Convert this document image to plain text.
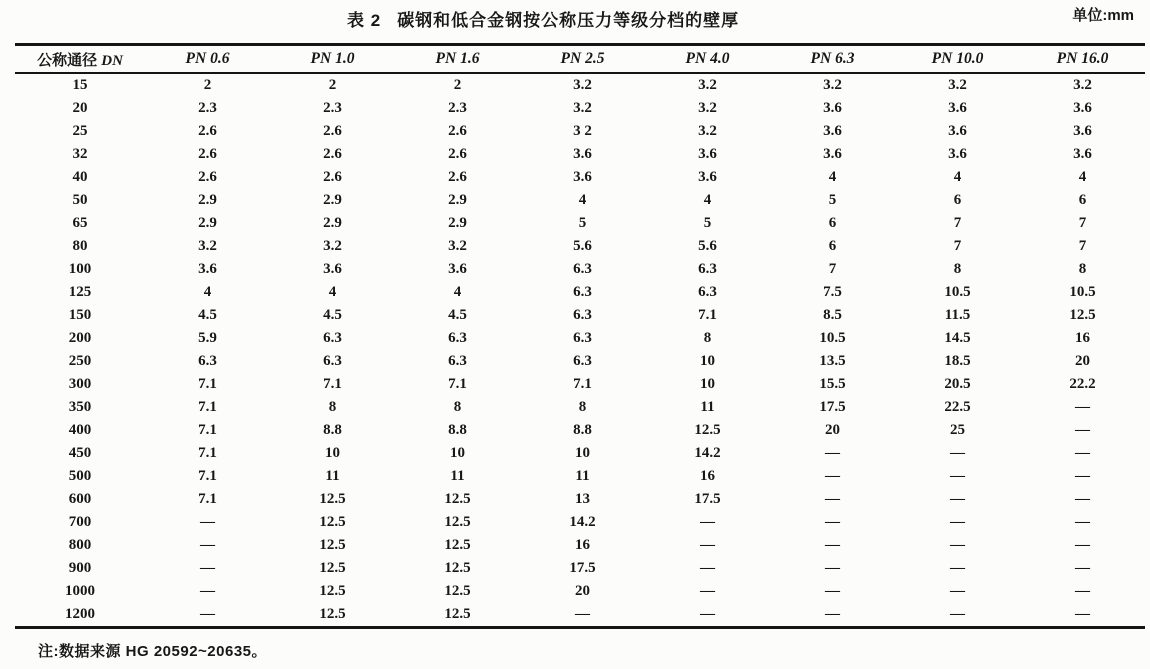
表 2 碳钢和低合金钢按公称压力等级分档的壁厚	单位:mm
公称通径 DN	PN 0.6	PN 1.0	PN 1.6	PN 2.5	PN 4.0	PN 6.3	PN 10.0	PN 16.0
15	2	2	2	3.2	3.2	3.2	3.2	3.2
20	2.3	2.3	2.3	3.2	3.2	3.6	3.6	3.6
25	2.6	2.6	2.6	3 2	3.2	3.6	3.6	3.6
32	2.6	2.6	2.6	3.6	3.6	3.6	3.6	3.6
40	2.6	2.6	2.6	3.6	3.6	4	4	4
50	2.9	2.9	2.9	4	4	5	6	6
65	2.9	2.9	2.9	5	5	6	7	7
80	3.2	3.2	3.2	5.6	5.6	6	7	7
100	3.6	3.6	3.6	6.3	6.3	7	8	8
125	4	4	4	6.3	6.3	7.5	10.5	10.5
150	4.5	4.5	4.5	6.3	7.1	8.5	11.5	12.5
200	5.9	6.3	6.3	6.3	8	10.5	14.5	16
250	6.3	6.3	6.3	6.3	10	13.5	18.5	20
300	7.1	7.1	7.1	7.1	10	15.5	20.5	22.2
350	7.1	8	8	8	11	17.5	22.5	—
400	7.1	8.8	8.8	8.8	12.5	20	25	—
450	7.1	10	10	10	14.2	—	—	—
500	7.1	11	11	11	16	—	—	—
600	7.1	12.5	12.5	13	17.5	—	—	—
700	—	12.5	12.5	14.2	—	—	—	—
800	—	12.5	12.5	16	—	—	—	—
900	—	12.5	12.5	17.5	—	—	—	—
1000	—	12.5	12.5	20	—	—	—	—
1200	—	12.5	12.5	—	—	—	—	—
注:数据来源 HG 20592~20635。
